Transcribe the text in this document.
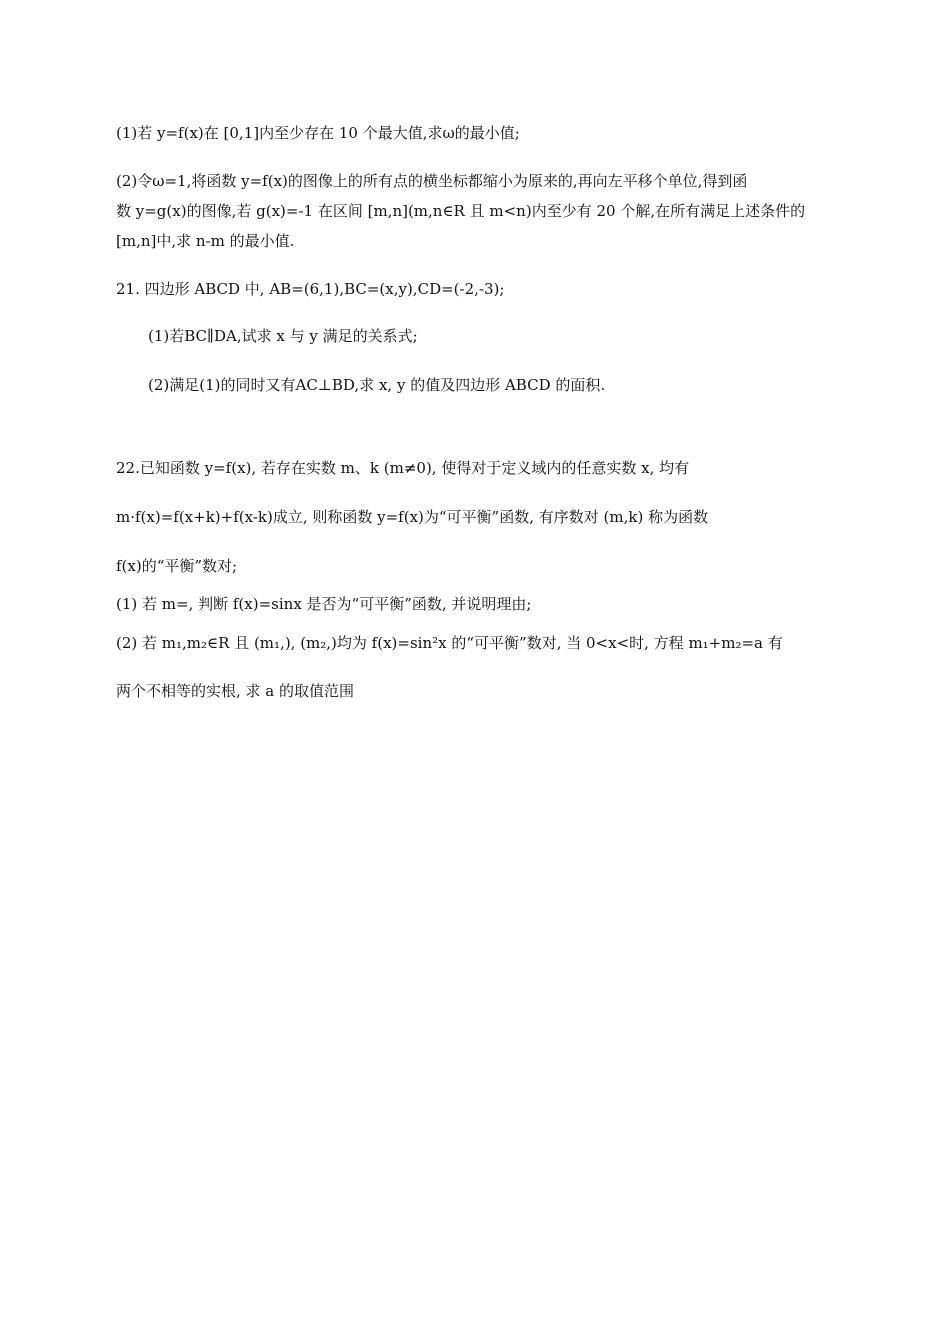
(1)若 y=f(x)在 [0,1]内至少存在 10 个最大值,求ω的最小值;
(2)令ω=1,将函数 y=f(x)的图像上的所有点的横坐标都缩小为原来的,再向左平移个单位,得到函
数 y=g(x)的图像,若 g(x)=-1 在区间 [m,n](m,n∈R 且 m<n)内至少有 20 个解,在所有满足上述条件的
[m,n]中,求 n-m 的最小值.
21. 四边形 ABCD 中, AB=(6,1),BC=(x,y),CD=(-2,-3);
(1)若BC∥DA,试求 x 与 y 满足的关系式;
(2)满足(1)的同时又有AC⊥BD,求 x, y 的值及四边形 ABCD 的面积.
22.已知函数 y=f(x), 若存在实数 m、k (m≠0), 使得对于定义域内的任意实数 x, 均有
m·f(x)=f(x+k)+f(x-k)成立, 则称函数 y=f(x)为“可平衡”函数, 有序数对 (m,k) 称为函数
f(x)的“平衡”数对;
(1) 若 m=, 判断 f(x)=sinx 是否为“可平衡”函数, 并说明理由;
(2) 若 m₁,m₂∈R 且 (m₁,), (m₂,)均为 f(x)=sin²x 的“可平衡”数对, 当 0<x<时, 方程 m₁+m₂=a 有
两个不相等的实根, 求 a 的取值范围
